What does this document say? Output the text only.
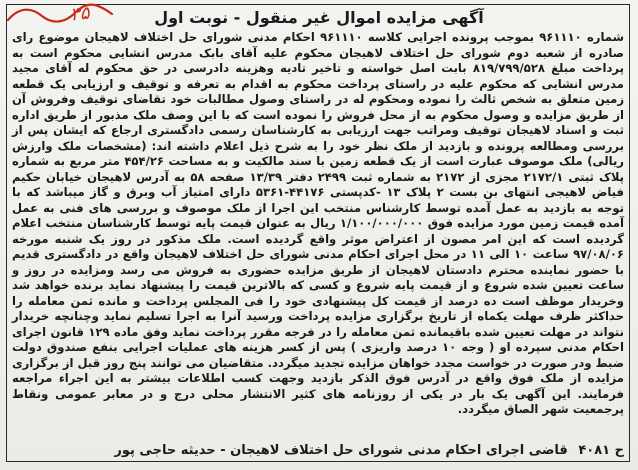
۳۵	آگهی مزایده اموال غیر منقول - نوبت اول
شماره ۹۶۱۱۱۰ بموجب پرونده اجرایی کلاسه ۹۶۱۱۱۰ احکام مدنی شورای حل اختلاف لاهیجان موضوع رای صادره از شعبه دوم شورای حل اختلاف لاهیجان محکوم علیه آقای بابک مدرس انشایی محکوم است به پرداخت مبلغ ۸۱۹/۷۹۹/۵۲۸ بابت اصل خواسته و تاخیر تادیه وهزینه دادرسی در حق محکوم له آقای مجید مدرس انشایی که محکوم علیه در راستای پرداخت محکوم به اقدام به تعرفه و توقیف و ارزیابی یک قطعه زمین متعلق به شخص ثالث را نموده ومحکوم له در راستای وصول مطالبات خود تقاضای توقیف وفروش آن از طریق مزایده و وصول محکوم به از محل فروش را نموده است که با این وصف ملک مذبور از طریق اداره ثبت و اسناد لاهیجان توقیف ومراتب جهت ارزیابی به کارشناسان رسمی دادگستری ارجاع که ایشان پس از بررسی ومطالعه پرونده و بازدید از ملک نظر خود را به شرح ذیل اعلام داشته اند: (مشخصات ملک وارزش ریالی) ملک موصوف عبارت است از یک قطعه زمین با سند مالکیت و به مساحت ۴۵۴/۲۶ متر مربع به شماره پلاک ثبتی ۲۱۷۲/۱ مجزی از ۲۱۷۲ به شماره ثبت ۲۴۹۹ دفتر ۱۳/۳۹ صفحه ۵۸ به آدرس لاهیجان خیابان حکیم فیاض لاهیجی انتهای بن بست ۲ پلاک ۱۳ -کدپستی ۴۴۱۷۶-۵۳۶۱ دارای امتیاز آب وبرق و گاز میباشد که با توجه به بازدید به عمل آمده توسط کارشناس منتخب این اجرا از ملک موصوف و بررسی های فنی به عمل آمده قیمت زمین مورد مزایده فوق ۱/۱۰۰/۰۰۰/۰۰۰ ریال به عنوان قیمت پایه توسط کارشناسان منتخب اعلام گردیده است که این امر مصون از اعتراض موثر واقع گردیده است. ملک مذکور در روز یک شنبه مورخه ۹۷/۰۸/۰۶ ساعت ۱۰ الی ۱۱ در محل اجرای احکام مدنی شورای حل اختلاف لاهیجان واقع در دادگستری قدیم با حضور نماینده محترم دادستان لاهیجان از طریق مزایده حضوری به فروش می رسد ومزایده در روز و ساعت تعیین شده شروع و از قیمت پایه شروع و کسی که بالاترین قیمت را پیشنهاد نماید برنده خواهد شد وخریدار موظف است ده درصد از قیمت کل پیشنهادی خود را فی المجلس پرداخت و مانده ثمن معامله را حداکثر ظرف مهلت یکماه از تاریخ برگزاری مزایده پرداخت ورسید آنرا به اجرا تسلیم نماید وچنانچه خریدار نتواند در مهلت تعیین شده باقیمانده ثمن معامله را در فرجه مقرر پرداخت نماید وفق ماده ۱۲۹ قانون اجرای احکام مدنی سپرده او ( وجه ۱۰ درصد واریزی ) پس از کسر هزینه های عملیات اجرایی بنفع صندوق دولت ضبط ودر صورت در خواست مجدد خواهان مزایده تجدید میگردد. متقاضیان می توانند پنج روز قبل از برگزاری مزایده از ملک فوق واقع در آدرس فوق الذکر بازدید وجهت کسب اطلاعات بیشتر به این اجراء مراجعه فرمایند. این آگهی یک بار در یکی از روزنامه های کثیر الانتشار محلی درج و در معابر عمومی ونقاط پرجمعیت شهر الصاق میگردد.
ح ۴۰۸۱ قاضی اجرای احکام مدنی شورای حل اختلاف لاهیجان - حدیثه حاجی پور
